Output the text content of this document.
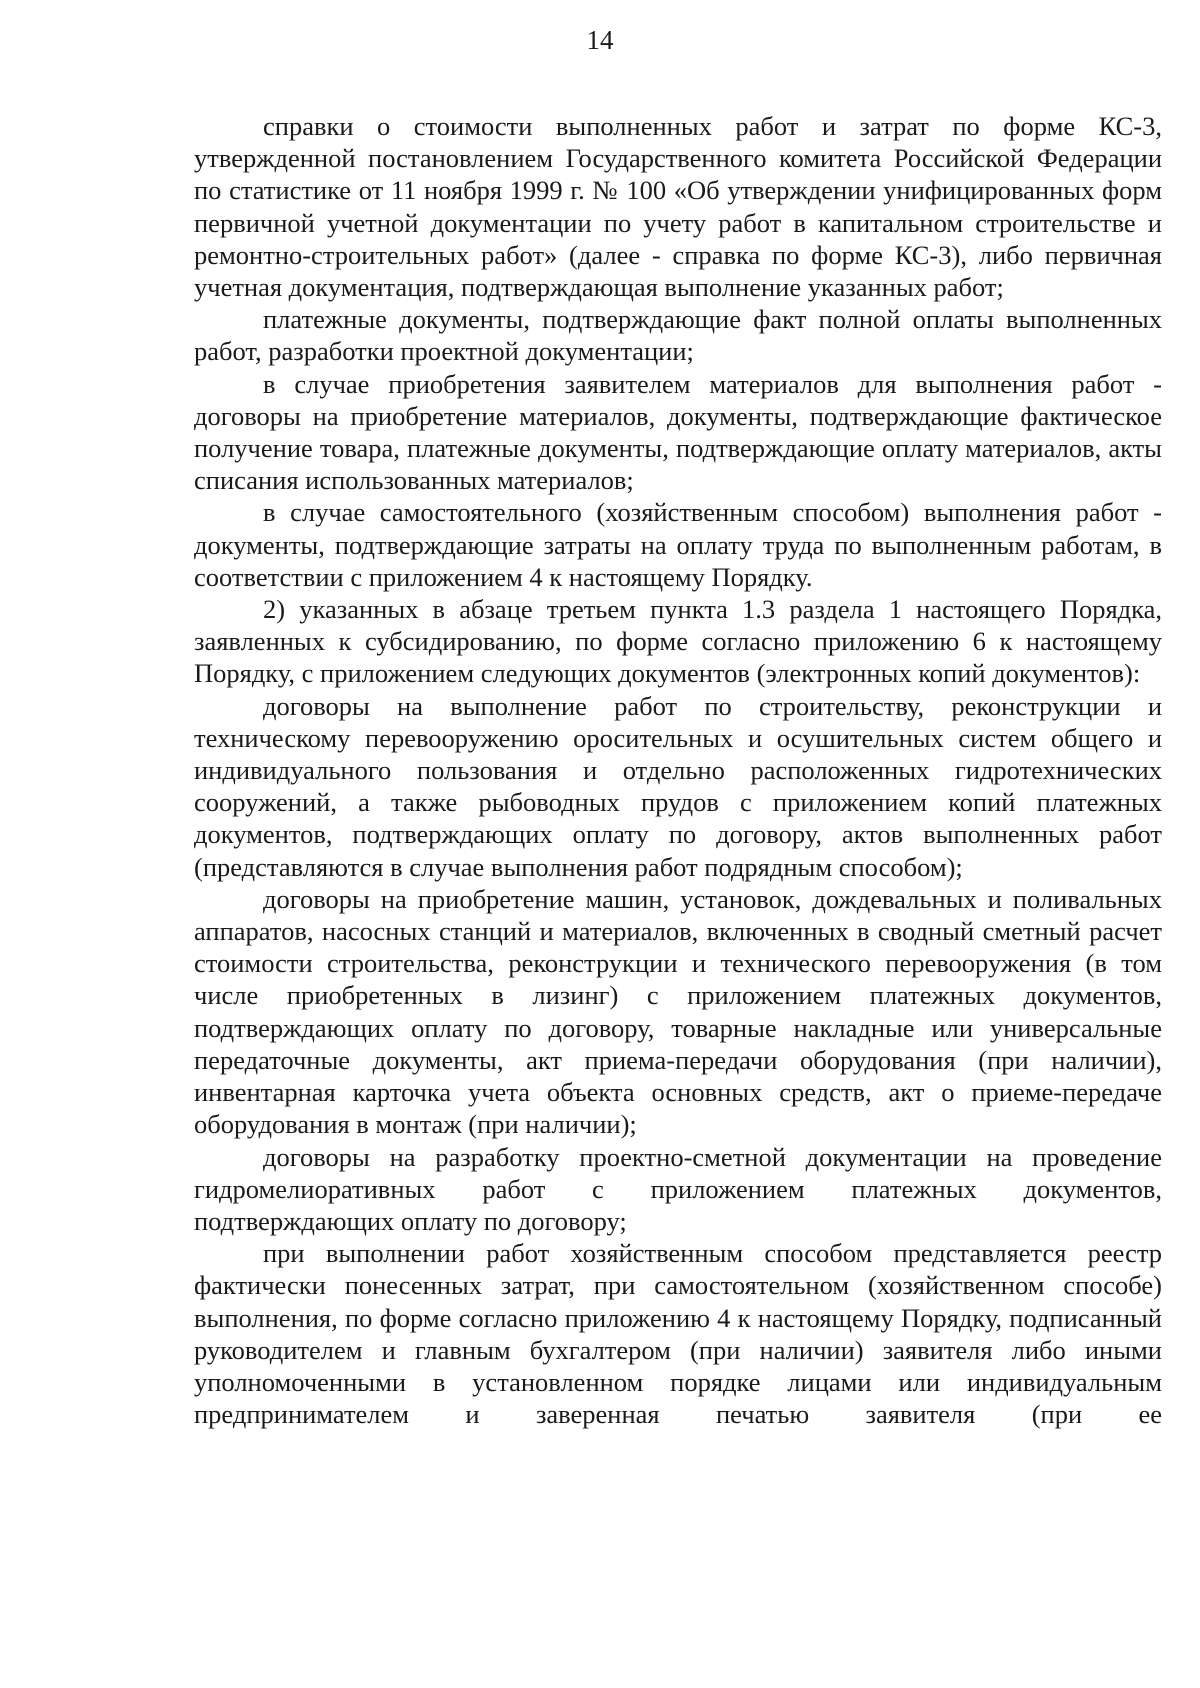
14

справки о стоимости выполненных работ и затрат по форме КС-3, утвержденной постановлением Государственного комитета Российской Федерации по статистике от 11 ноября 1999 г. № 100 «Об утверждении унифицированных форм первичной учетной документации по учету работ в капитальном строительстве и ремонтно-строительных работ» (далее - справка по форме КС-3), либо первичная учетная документация, подтверждающая выполнение указанных работ;

платежные документы, подтверждающие факт полной оплаты выполненных работ, разработки проектной документации;

в случае приобретения заявителем материалов для выполнения работ - договоры на приобретение материалов, документы, подтверждающие фактическое получение товара, платежные документы, подтверждающие оплату материалов, акты списания использованных материалов;

в случае самостоятельного (хозяйственным способом) выполнения работ - документы, подтверждающие затраты на оплату труда по выполненным работам, в соответствии с приложением 4 к настоящему Порядку.

2) указанных в абзаце третьем пункта 1.3 раздела 1 настоящего Порядка, заявленных к субсидированию, по форме согласно приложению 6 к настоящему Порядку, с приложением следующих документов (электронных копий документов):

договоры на выполнение работ по строительству, реконструкции и техническому перевооружению оросительных и осушительных систем общего и индивидуального пользования и отдельно расположенных гидротехнических сооружений, а также рыбоводных прудов с приложением копий платежных документов, подтверждающих оплату по договору, актов выполненных работ (представляются в случае выполнения работ подрядным способом);

договоры на приобретение машин, установок, дождевальных и поливальных аппаратов, насосных станций и материалов, включенных в сводный сметный расчет стоимости строительства, реконструкции и технического перевооружения (в том числе приобретенных в лизинг) с приложением платежных документов, подтверждающих оплату по договору, товарные накладные или универсальные передаточные документы, акт приема-передачи оборудования (при наличии), инвентарная карточка учета объекта основных средств, акт о приеме-передаче оборудования в монтаж (при наличии);

договоры на разработку проектно-сметной документации на проведение гидромелиоративных работ с приложением платежных документов, подтверждающих оплату по договору;

при выполнении работ хозяйственным способом представляется реестр фактически понесенных затрат, при самостоятельном (хозяйственном способе) выполнения, по форме согласно приложению 4 к настоящему Порядку, подписанный руководителем и главным бухгалтером (при наличии) заявителя либо иными уполномоченными в установленном порядке лицами или индивидуальным предпринимателем и заверенная печатью заявителя (при ее
